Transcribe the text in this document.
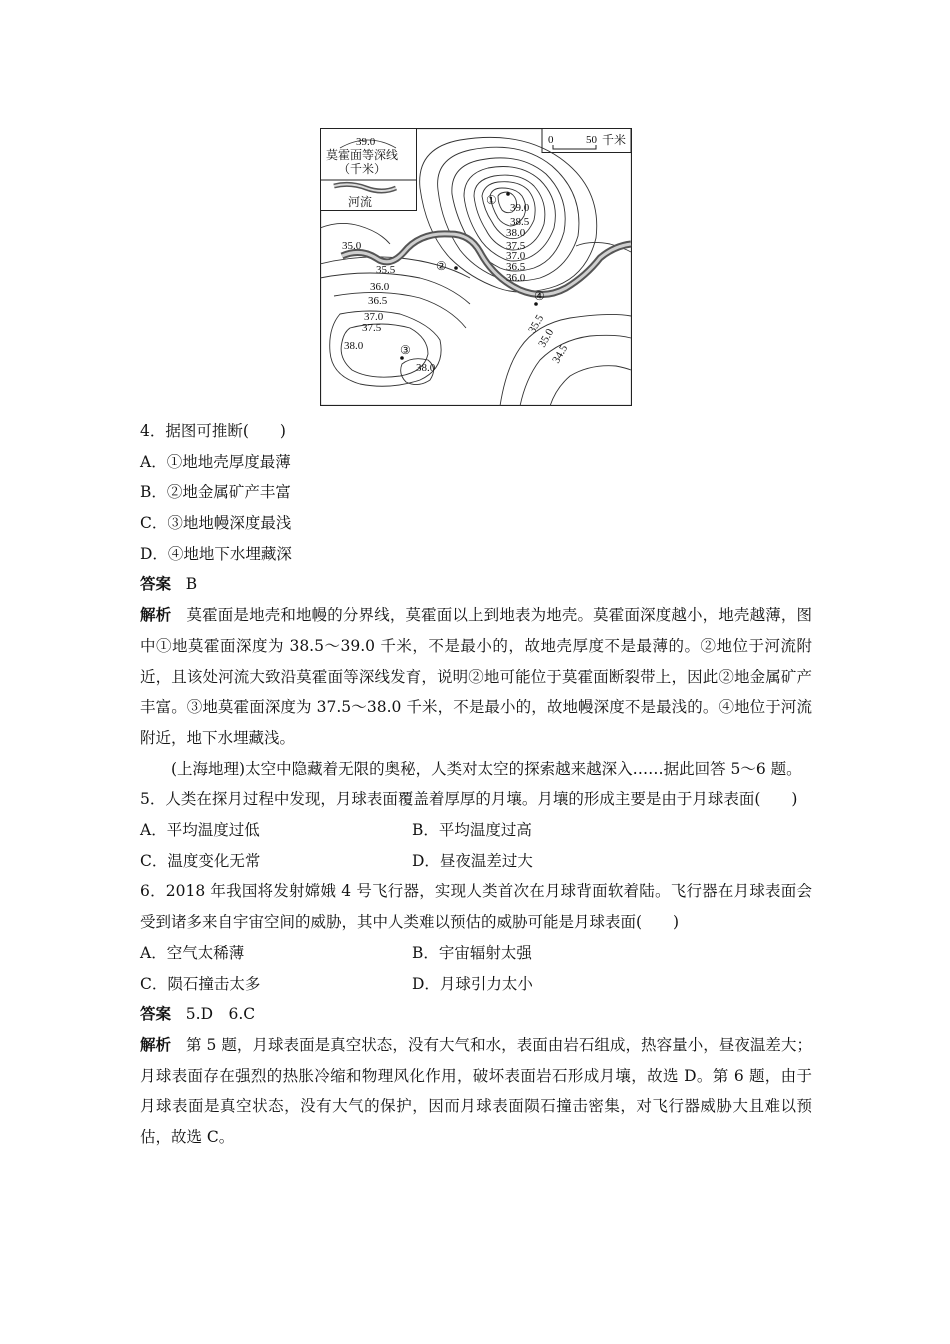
39.0
莫霍面等深线
（千米）
河流
0	50 千米
39.0
38.5
38.0
37.5
37.0
36.5
36.0
35.0
35.5
36.0
36.5
37.0
37.5
38.0
38.0
35.5
35.0
34.5
①
②
③
④
4．据图可推断(　　)
A．①地地壳厚度最薄
B．②地金属矿产丰富
C．③地地幔深度最浅
D．④地地下水埋藏深
答案 B
解析 莫霍面是地壳和地幔的分界线，莫霍面以上到地表为地壳。莫霍面深度越小，地壳越薄，图中①地莫霍面深度为 38.5～39.0 千米，不是最小的，故地壳厚度不是最薄的。②地位于河流附近，且该处河流大致沿莫霍面等深线发育，说明②地可能位于莫霍面断裂带上，因此②地金属矿产丰富。③地莫霍面深度为 37.5～38.0 千米，不是最小的，故地幔深度不是最浅的。④地位于河流附近，地下水埋藏浅。
(上海地理)太空中隐藏着无限的奥秘，人类对太空的探索越来越深入……据此回答 5～6 题。
5．人类在探月过程中发现，月球表面覆盖着厚厚的月壤。月壤的形成主要是由于月球表面(　　)
A．平均温度过低	B．平均温度过高
C．温度变化无常	D．昼夜温差过大
6．2018 年我国将发射嫦娥 4 号飞行器，实现人类首次在月球背面软着陆。飞行器在月球表面会受到诸多来自宇宙空间的威胁，其中人类难以预估的威胁可能是月球表面(　　)
A．空气太稀薄	B．宇宙辐射太强
C．陨石撞击太多	D．月球引力太小
答案 5.D　6.C
解析 第 5 题，月球表面是真空状态，没有大气和水，表面由岩石组成，热容量小，昼夜温差大；月球表面存在强烈的热胀冷缩和物理风化作用，破坏表面岩石形成月壤，故选 D。第 6 题，由于月球表面是真空状态，没有大气的保护，因而月球表面陨石撞击密集，对飞行器威胁大且难以预估，故选 C。
